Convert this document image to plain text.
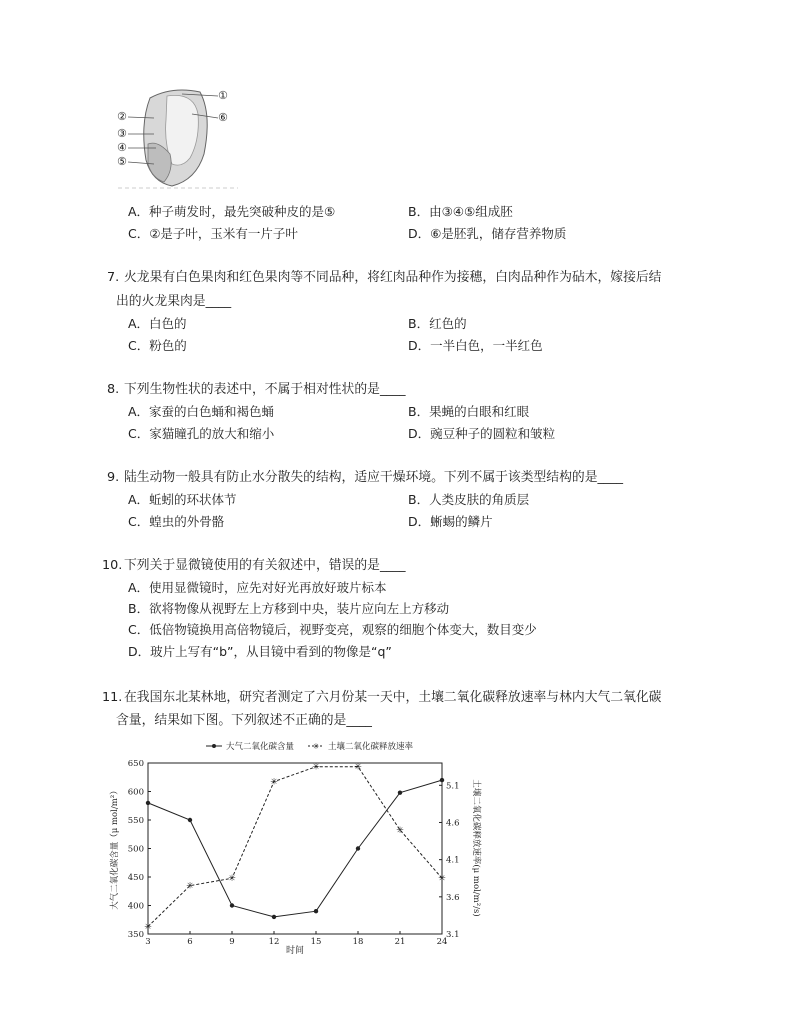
①
②
③
④
⑤
⑥
A．种子萌发时，最先突破种皮的是⑤	B．由③④⑤组成胚
C．②是子叶，玉米有一片子叶	D．⑥是胚乳，储存营养物质
7. 火龙果有白色果肉和红色果肉等不同品种，将红肉品种作为接穗，白肉品种作为砧木，嫁接后结
出的火龙果肉是____
A．白色的	B．红色的
C．粉色的	D．一半白色，一半红色
8. 下列生物性状的表述中，不属于相对性状的是____
A．家蚕的白色蛹和褐色蛹	B．果蝇的白眼和红眼
C．家猫瞳孔的放大和缩小	D．豌豆种子的圆粒和皱粒
9. 陆生动物一般具有防止水分散失的结构，适应干燥环境。下列不属于该类型结构的是____
A．蚯蚓的环状体节	B．人类皮肤的角质层
C．蝗虫的外骨骼	D．蜥蜴的鳞片
10. 下列关于显微镜使用的有关叙述中，错误的是____
A．使用显微镜时，应先对好光再放好玻片标本
B．欲将物像从视野左上方移到中央，装片应向左上方移动
C．低倍物镜换用高倍物镜后，视野变亮，观察的细胞个体变大，数目变少
D．玻片上写有“b”，从目镜中看到的物像是“q”
11. 在我国东北某林地，研究者测定了六月份某一天中，土壤二氧化碳释放速率与林内大气二氧化碳
含量，结果如下图。下列叙述不正确的是____
大气二氧化碳含量 ✳ 土壤二氧化碳释放速率
350
400
450
500
550
600
650
3.1
3.6
4.1
4.6
5.1
3	6	9	12	15	18	21	24
时间
大气二氧化碳含量（μ mol/m²）	土壤二氧化碳释放速率(μ mol/m²/s)
✳
✳
✳
✳
✳	✳
✳
✳
